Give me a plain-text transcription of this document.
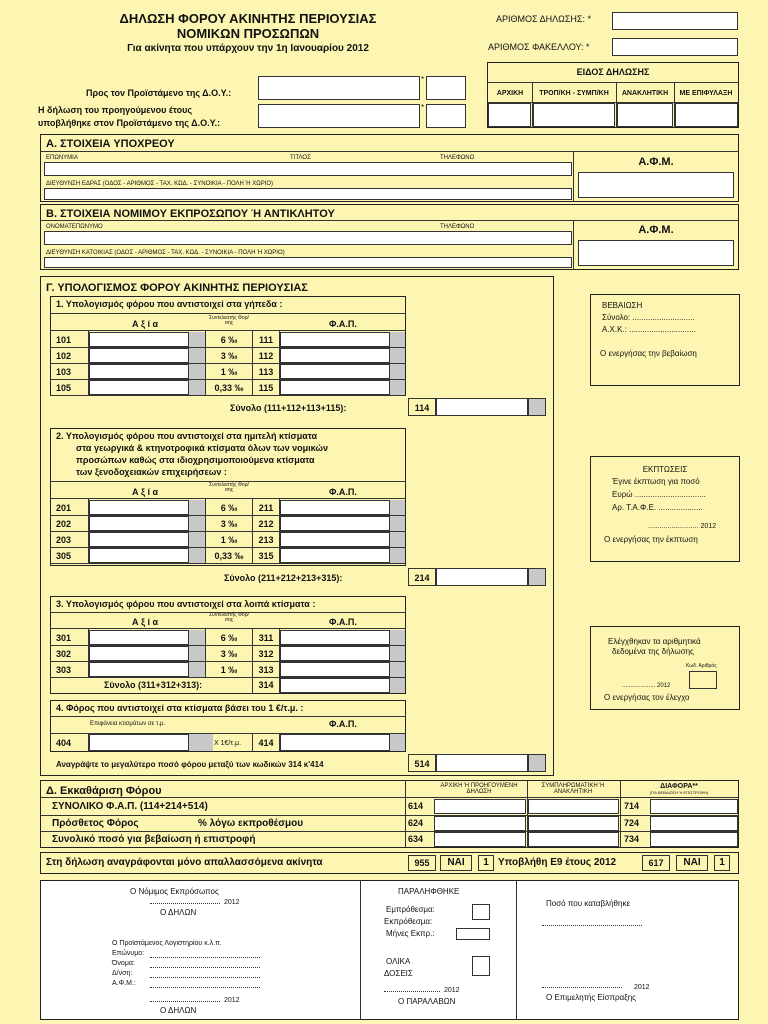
ΔΗΛΩΣΗ ΦΟΡΟΥ ΑΚΙΝΗΤΗΣ ΠΕΡΙΟΥΣΙΑΣ
ΝΟΜΙΚΩΝ ΠΡΟΣΩΠΩΝ
Για ακίνητα που υπάρχουν την 1η Ιανουαρίου 2012
ΑΡΙΘΜΟΣ ΔΗΛΩΣΗΣ: *
ΑΡΙΘΜΟΣ ΦΑΚΕΛΛΟΥ: *
Προς τον Προϊστάμενο της Δ.Ο.Υ.:
*
Η δήλωση του προηγούμενου έτους
υποβλήθηκε στον Προϊστάμενο της Δ.Ο.Υ.:
*
ΕΙΔΟΣ ΔΗΛΩΣΗΣ
ΑΡΧΙΚΗ	ΤΡΟΠ/ΚΗ - ΣΥΜΠ/ΚΗ	ΑΝΑΚΛΗΤΙΚΗ	ΜΕ ΕΠΙΦΥΛΑΞΗ
Α. ΣΤΟΙΧΕΙΑ ΥΠΟΧΡΕΟΥ
ΕΠΩΝΥΜΙΑ	ΤΙΤΛΟΣ	ΤΗΛΕΦΩΝΟ
ΔΙΕΥΘΥΝΣΗ ΕΔΡΑΣ (ΟΔΟΣ - ΑΡΙΘΜΟΣ - ΤΑΧ. ΚΩΔ. - ΣΥΝΟΙΚΙΑ - ΠΟΛΗ Ή ΧΩΡΙΟ)
Α.Φ.Μ.
Β. ΣΤΟΙΧΕΙΑ ΝΟΜΙΜΟΥ ΕΚΠΡΟΣΩΠΟΥ Ή ΑΝΤΙΚΛΗΤΟΥ
ΟΝΟΜΑΤΕΠΩΝΥΜΟ	ΤΗΛΕΦΩΝΟ
ΔΙΕΥΘΥΝΣΗ ΚΑΤΟΙΚΙΑΣ (ΟΔΟΣ - ΑΡΙΘΜΟΣ - ΤΑΧ. ΚΩΔ. - ΣΥΝΟΙΚΙΑ - ΠΟΛΗ Ή ΧΩΡΙΟ)
Α.Φ.Μ.
Γ. ΥΠΟΛΟΓΙΣΜΟΣ ΦΟΡΟΥ ΑΚΙΝΗΤΗΣ ΠΕΡΙΟΥΣΙΑΣ
1. Υπολογισμός φόρου που αντιστοιχεί στα γήπεδα :
Α ξ ί α
Συντελεστής Φορ/σης	Φ.Α.Π.
101	6 ‰	111
102	3 ‰	112
103	1 ‰	113
105	0,33 ‰	115
Σύνολο (111+112+113+115):	114
2. Υπολογισμός φόρου που αντιστοιχεί στα ημιτελή κτίσματα
στα γεωργικά & κτηνοτροφικά κτίσματα όλων των νομικών
προσώπων καθώς στα ιδιοχρησιμοποιούμενα κτίσματα
των ξενοδοχειακών επιχειρήσεων :
Α ξ ί α
Συντελεστής Φορ/σης	Φ.Α.Π.
201	6 ‰	211
202	3 ‰	212
203	1 ‰	213
305	0,33 ‰	315
Σύνολο (211+212+213+315):	214
3. Υπολογισμός φόρου που αντιστοιχεί στα λοιπά κτίσματα :
Α ξ ί α
Συντελεστής Φορ/σης	Φ.Α.Π.
301	6 ‰	311
302	3 ‰	312
303	1 ‰	313
Σύνολο (311+312+313):	314
4. Φόρος που αντιστοιχεί στα κτίσματα βάσει του 1 €/τ.μ. :
Επιφάνεια κτισμάτων σε τ.μ.	Φ.Α.Π.
404	Χ 1€/τ.μ.	414
Αναγράψτε το μεγαλύτερο ποσό φόρου μεταξύ των κωδικών 314 κ'414	514
ΒΕΒΑΙΩΣΗ
Σύνολο: ............................
Α.Χ.Κ.: ..............................
Ο ενεργήσας την βεβαίωση
ΕΚΠΤΩΣΕΙΣ
Έγινε έκπτωση για ποσό
Ευρώ ................................
Αρ. Τ.Α.Φ.Ε. ....................
.......................... 2012
Ο ενεργήσας την έκπτωση
Ελέγχθηκαν τα αριθμητικά
δεδομένα της δήλωσης
Κωδ. Αριθμός
.................... 2012
Ο ενεργήσας τον έλεγχο
Δ. Εκκαθάριση Φόρου	ΑΡΧΙΚΗ Ή ΠΡΟΗΓΟΥΜΕΝΗ ΔΗΛΩΣΗ
ΣΥΜΠΛΗΡΩΜΑΤΙΚΗ Ή ΑΝΑΚΛΗΤΙΚΗ
ΔΙΑΦΟΡΑ**
(ΓΙΑ ΒΕΒΑΙΩΣΗ Ή ΕΠΙΣΤΡΟΦΗ)
ΣΥΝΟΛΙΚΟ Φ.Α.Π. (114+214+514)	614	714
Πρόσθετος Φόρος	% λόγω εκπροθέσμου	624	724
Συνολικό ποσό για βεβαίωση ή επιστροφή	634	734
Στη δήλωση αναγράφονται μόνο απαλλασσόμενα ακίνητα	955	ΝΑΙ	1 Υποβλήθη Ε9 έτους 2012	617	ΝΑΙ	1
Ο Νόμιμος Εκπρόσωπος
2012
Ο ΔΗΛΩΝ
Ο Προϊστάμενος Λογιστηρίου κ.λ.π.
Επώνυμο:
Όνομα:
Δ/νση:
Α.Φ.Μ.:
2012
Ο ΔΗΛΩΝ
ΠΑΡΑΛΗΦΘΗΚΕ
Εμπρόθεσμα:
Εκπρόθεσμα:
Μήνες Εκπρ.:
ΟΛΙΚΑ
ΔΟΣΕΙΣ
2012
Ο ΠΑΡΑΛΑΒΩΝ
Ποσό που καταβλήθηκε
2012
Ο Επιμελητής Είσπραξης
